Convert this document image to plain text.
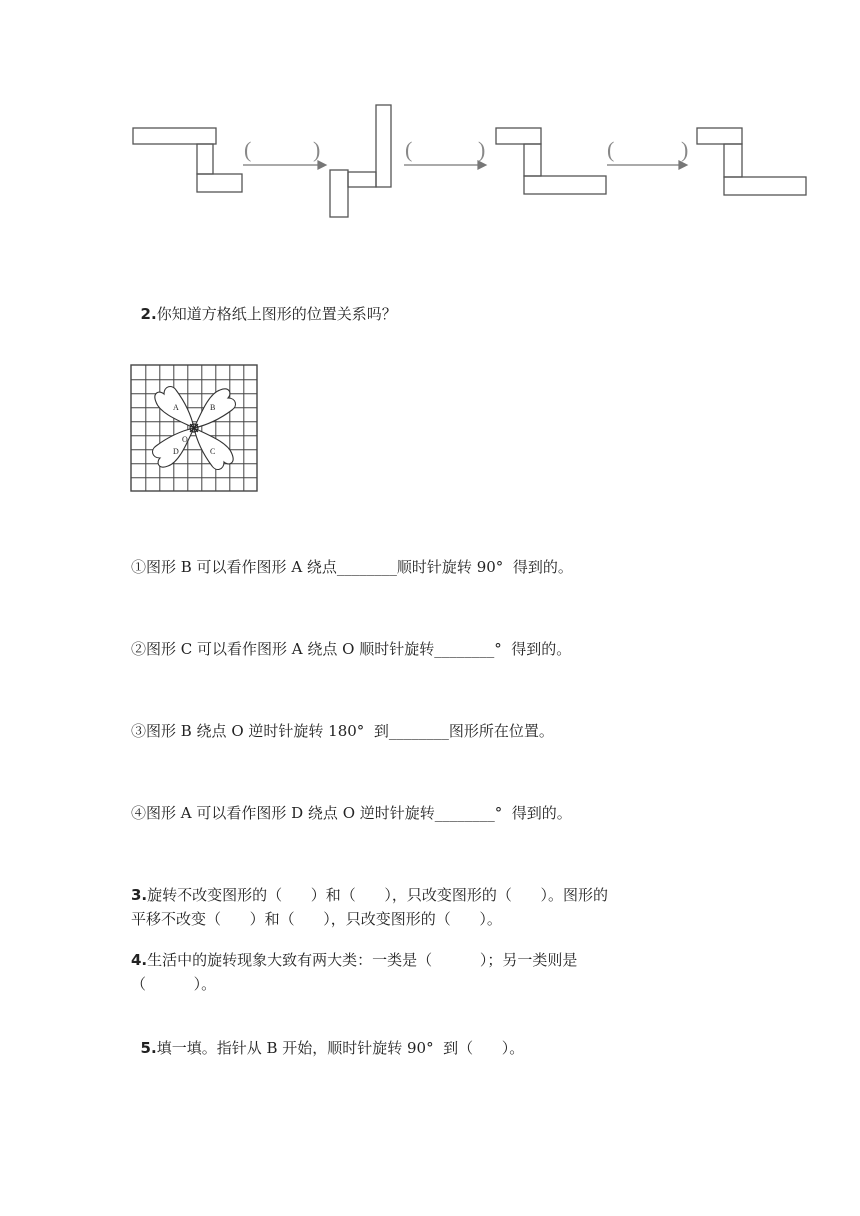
(	)	(	)	(	)

2.你知道方格纸上图形的位置关系吗？

A	B
C
D
O
①图形 B 可以看作图形 A 绕点________顺时针旋转 90°  得到的。
②图形 C 可以看作图形 A 绕点 O 顺时针旋转________°  得到的。
③图形 B 绕点 O 逆时针旋转 180°  到________图形所在位置。
④图形 A 可以看作图形 D 绕点 O 逆时针旋转________°  得到的。
3.旋转不改变图形的（      ）和（      ），只改变图形的（      ）。图形的
平移不改变（      ）和（      ），只改变图形的（      ）。
4.生活中的旋转现象大致有两大类：一类是（          ）；另一类则是
（          ）。

5.填一填。指针从 B 开始，顺时针旋转 90°  到（      ）。
